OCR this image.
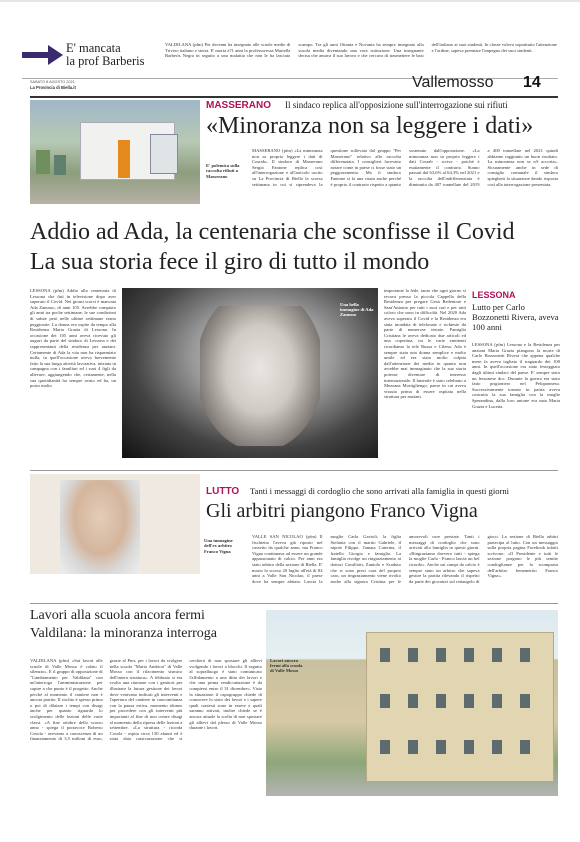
E' mancata
la prof Barberis
VALDILANA (pfm) Per decenni ha insegnato alle scuole medie di Trivero italiano e storia. E' morta a71 anni la professoressa Mariella Barberis Negra in seguito a una malattia che non le ha lasciato scampo. Tra gli anni Ottanta e Novanta ha sempre insegnato alla scuola media diventando una vera istituzione. Una insegnante decisa che amava il suo lavoro e che cercava di trasmettere le basi dell'italiano ai suoi studenti. In classe voleva soprattutto l'attenzione e l'ordine, sapeva premiare l'impegno dei suoi studenti.
SABATO 8 AGOSTO 2021
La Provincia di Biella.it	Vallemosso 14
E' polemica sulla raccolta rifiuti a Masserano
MASSERANO Il sindaco replica all'opposizione sull'interrogazione sui rifiuti
«Minoranza non sa leggere i dati»
MASSERANO (pfm) «La minoranza non sa proprio leggere i dati di Cosrab». Il sindaco di Masserano Sergio Fantone replica così all'interrogazione e all'articolo uscito su La Provincia di Biella la scorsa settimana in cui si riprendeva la questione sollevata dal gruppo "Per Masserano" relativo alla raccolta differenziata. I consiglieri facevano notare come in paese ci fosse stato un peggioramento. Ma il sindaco Fantone si fa una risata anche perché è proprio il contrario rispetto a quanto sostenuto dall'opposizione. «La minoranza non sa proprio leggere i dati Cosrab - scrive - poiché è esattamente il contrario. Siamo passati dal 63,6% al 64,3% nel 2021 e la raccolta dell'indifferenziata è diminuita da 407 tonnellate del 2019 a 400 tonnellate nel 2021 quindi abbiamo raggiunto un buon risultato. La minoranza non se n'è accorta». Sicuramente anche in sede di consiglio comunale il sindaco spiegherà la situazione dando risposta così alla interrogazione presentata.
Addio ad Ada, la centenaria che sconfisse il Covid
La sua storia fece il giro di tutto il mondo
LESSONA (pfm) Addio alla centenaria di Lessona che finì in televisione dopo aver superato il Covid. Nei giorni scorsi è mancata Ada Zanusso, di anni 105. Avrebbe compiuto gli anni tra poche settimane, le sue condizioni di salute però nelle ultime settimane erano peggiorate. La donna era ospite da tempo alla Residenza Maria Grazia di Lessona. In occasione dei 105 anni aveva ricevuto gli auguri da parte del sindaco di Lessona e dei rappresentanti della residenza per anziani. Certamente di Ada la vita non ha risparmiato nulla, in quell'occasione aveva brevemente fatto la sua lunga attività lavorativa, iniziata in campagna con i familiari ed i suoi 4 figli da allevare, aggiungendo che, certamente, nella sua quotidianità ha sempre avuto ed ha, un posto molto
Una bella immagine di Ada Zanusso
importante la fede, tanto che ogni giorno si recava presso la piccola Cappella della Residenza per pregare Gesù Redentore e Sant'Antonio per tutti i suoi cari e per tutti coloro che sono in difficoltà. Nel 2020 Ada aveva superato il Covid e la Residenza era stata inondata di telefonate e richieste da parte di numerose testate. Famiglia Cristiana le aveva dedicato due articoli ed una copertina, tra le varie emittenti ricordiamo la tele Russa e Cilena. Ada è sempre stata una donna semplice e molto umile ed era stata molto colpita dall'attenzione dei media in quanto non avrebbe mai immaginato che la sua storia potesse diventare di interesse internazionale. Il funerale è stato celebrato a Mezzana Mortigliengo, paese in cui aveva vissuto prima di essere ospitata nella struttura per anziani.
LESSONA
Lutto per Carlo Bozzonetti Rivera, aveva 100 anni
LESSONA (pfm) Lessona e la Residenza per anziani Maria Grazia piangono la morte di Carlo Bozzonetti Rivera che appena qualche mese fa aveva tagliato il traguardo dei 100 anni. In quell'occasione era stato festeggiato dagli ultimi sindaci del paese. E' sempre stato un lessonese doc. Durante la guerra era stato fatto prigioniero nel Peloponneso. Successivamente tornato in patria aveva costruito la sua famiglia con la moglie Sperandina, dalla loro unione era nata Maria Grazia e Lucetta.
Una immagine dell'ex arbitro Franco Vigna
LUTTO Tanti i messaggi di cordoglio che sono arrivati alla famiglia in questi giorni
Gli arbitri piangono Franco Vigna
VALLE SAN NICOLAO (pfm) Il fischietto l'aveva già riposto nel cassetto da qualche anno, ma Franco Vigna continuava ad essere un grande appassionato di calcio. Per anni era stato arbitro della sezione di Biella. E' morto lo scorso 20 luglio all'età di 84 anni a Valle San Nicolao, il paese dove ha sempre abitato. Lascia la moglie Carla Gavioli, la figlia Stefania con il marito Gabriele, il nipote Filippo, l'amata Caterina, il fratello Giorgio e famiglia. La famiglia rivolge un ringraziamento ai dottori Cavallotti, Zaniolo e Scaduto che si sono presi cura del proprio caro, un ringraziamento viene rivolto anche alla signora Cristina per le amorevoli cure prestate. Tanti i messaggi di cordoglio che sono arrivati alla famiglia in questi giorni. «Ringraziamo davvero tutti - spiega la moglie Carla - Franco lascia un bel ricordo». Anche sui campi da calcio è sempre stato un arbitro che sapeva gestire la partita rilevando il rispetto da parte dei giocatori sul rettangolo di gioco. La sezione di Biella arbitri partecipa al lutto. Con un messaggio sulla propria pagina Facebook infatti scrivono: «Il Presidente e tutti le sezione porgono le più sentite condoglianze per la scomparsa dell'arbitro benemerito Franco Vigna».
Lavori alla scuola ancora fermi
Valdilana: la minoranza interroga
VALDILANA (pfm) «Sui lavori alle scuole di Valle Mosso è calato il silenzio». E il gruppo di opposizione di "Cambiamento per Valdilana" con un'interroga l'amministrazione per capire a che punto è il progetto. Anche perché al momento il cantiere non è ancora partito. Il rischio è spesso prima o poi di dilatare i tempi con disagi anche per quanto riguarda lo svolgimento delle lezioni delle varie classi. «A fine ottobre dello scorso anno - spiega il portavoce Roberto Cosola - avevamo a conoscenza di un finanziamento di 3,5 milioni di euro, grazie al Pnrr, per i lavori da svolgere nella scuola "Mario Andrion" di Valle Mosso con il rifacimento sismico dell'intera struttura». A febbraio si era svolta una riunione con i genitori per illustrare la futura gestione dei lavori dove venivano indicati gli interventi e l'apertura del cantiere in concomitanza con la pausa estiva, momento idoneo per procedere con gli interventi più importanti al fine di non creare disagi al momento della ripresa delle lezioni a settembre. «La struttura - ricorda Cosola - ospita circa 130 alunni ed è stata data rassicurazione che si cercherà di non spostare gli allievi svolgendo i lavori a blocchi. Il seguito al sopralluogo è stato comunicato l'affidamento a una ditta dei lavori e che una prima rendicontazione è da compiersi entro il 31 dicembre». Vista la situazione il capogruppo chiede di conoscere lo stato dei lavori e i sapere quali contesti sono in essere e quali saranno attivati, inoltre chiede se è ancora attuale la scelta di non spostare gli allievi dal plesso di Valle Mosso durante i lavori.
Lavori ancora fermi alla scuola di Valle Mosso
